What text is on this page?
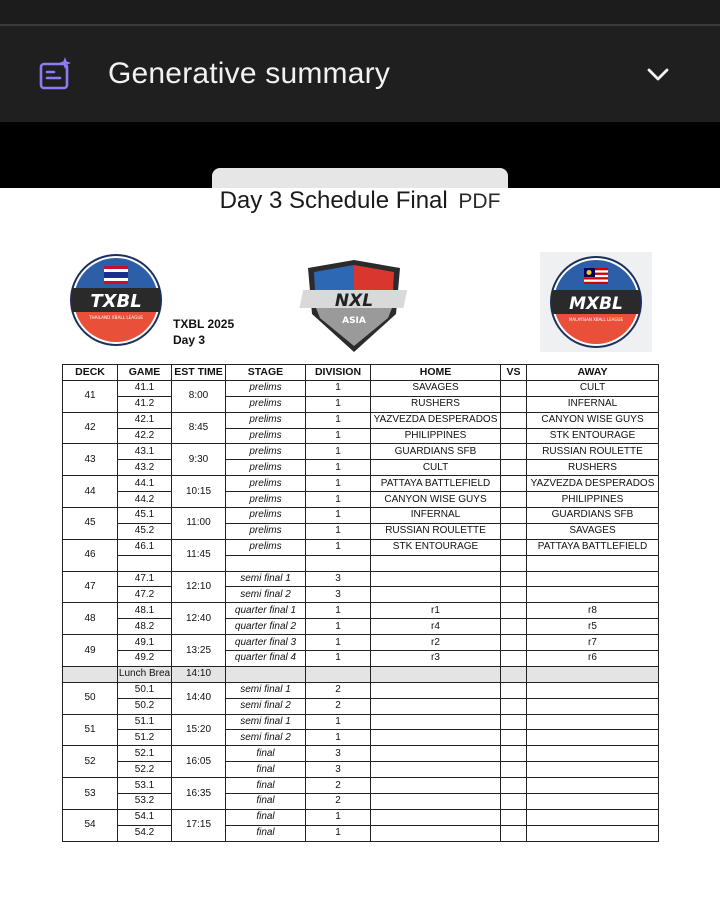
Generative summary
Day 3 Schedule Final PDF
TXBL
THAILAND XBALL LEAGUE TXBL 2025
Day 3
NXL
ASIA
MXBL
MALAYSIAN XBALL LEAGUE
DECK	GAME	EST TIME	STAGE	DIVISION	HOME	VS	AWAY
41	41.1	8:00	prelims	1	SAVAGES		CULT
	41.2		prelims	1	RUSHERS		INFERNAL
42	42.1	8:45	prelims	1	YAZVEZDA DESPERADOS		CANYON WISE GUYS
	42.2		prelims	1	PHILIPPINES		STK ENTOURAGE
43	43.1	9:30	prelims	1	GUARDIANS SFB		RUSSIAN ROULETTE
	43.2		prelims	1	CULT		RUSHERS
44	44.1	10:15	prelims	1	PATTAYA BATTLEFIELD		YAZVEZDA DESPERADOS
	44.2		prelims	1	CANYON WISE GUYS		PHILIPPINES
45	45.1	11:00	prelims	1	INFERNAL		GUARDIANS SFB
	45.2		prelims	1	RUSSIAN ROULETTE		SAVAGES
46	46.1	11:45	prelims	1	STK ENTOURAGE		PATTAYA BATTLEFIELD

47	47.1	12:10	semi final 1	3			
	47.2		semi final 2	3			
48	48.1	12:40	quarter final 1	1	r1		r8
	48.2		quarter final 2	1	r4		r5
49	49.1	13:25	quarter final 3	1	r2		r7
	49.2		quarter final 4	1	r3		r6
	Lunch Brea	14:10					
50	50.1	14:40	semi final 1	2			
	50.2		semi final 2	2			
51	51.1	15:20	semi final 1	1			
	51.2		semi final 2	1			
52	52.1	16:05	final	3			
	52.2		final	3			
53	53.1	16:35	final	2			
	53.2		final	2			
54	54.1	17:15	final	1			
	54.2		final	1			
